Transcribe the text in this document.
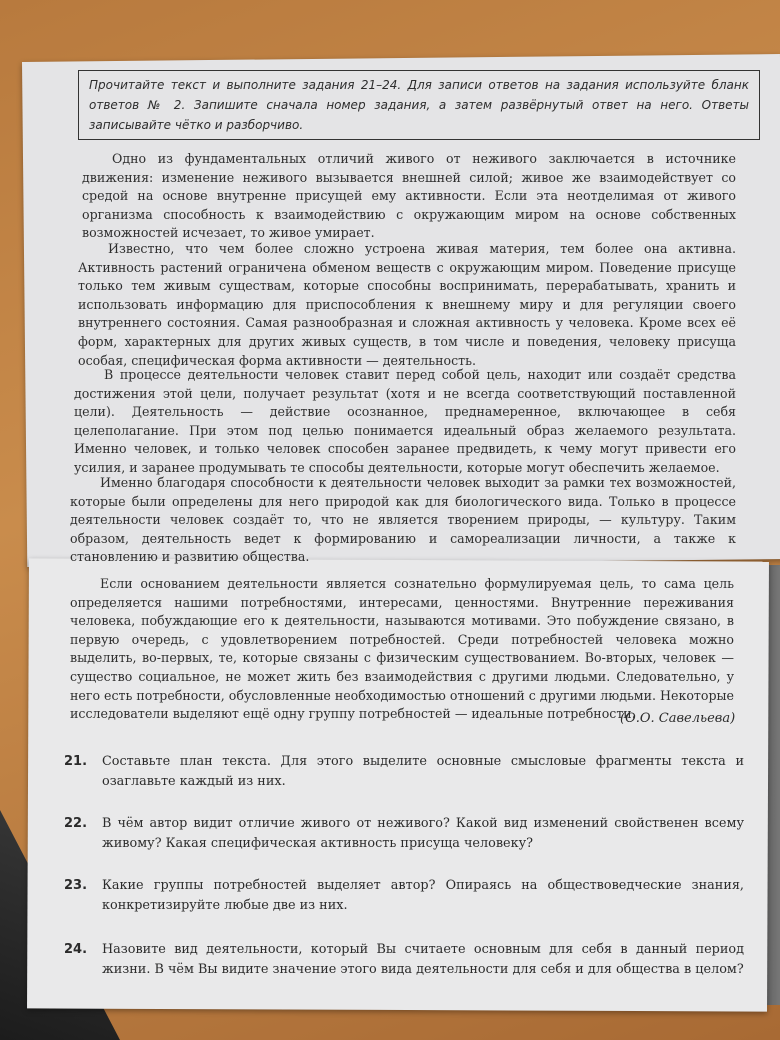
Прочитайте текст и выполните задания 21–24. Для записи ответов на задания используйте бланк ответов № 2. Запишите сначала номер задания, а затем развёрнутый ответ на него. Ответы записывайте чётко и разборчиво.
Одно из фундаментальных отличий живого от неживого заключается в источнике движения: изменение неживого вызывается внешней силой; живое же взаимодействует со средой на основе внутренне присущей ему активности. Если эта неотделимая от живого организма способность к взаимодействию с окружающим миром на основе собственных возможностей исчезает, то живое умирает.
Известно, что чем более сложно устроена живая материя, тем более она активна. Активность растений ограничена обменом веществ с окружающим миром. Поведение присуще только тем живым существам, которые способны воспринимать, перерабатывать, хранить и использовать информацию для приспособления к внешнему миру и для регуляции своего внутреннего состояния. Самая разнообразная и сложная активность у человека. Кроме всех её форм, характерных для других живых существ, в том числе и поведения, человеку присуща особая, специфическая форма активности — деятельность.
В процессе деятельности человек ставит перед собой цель, находит или создаёт средства достижения этой цели, получает результат (хотя и не всегда соответствующий поставленной цели). Деятельность — действие осознанное, преднамеренное, включающее в себя целеполагание. При этом под целью понимается идеальный образ желаемого результата. Именно человек, и только человек способен заранее предвидеть, к чему могут привести его усилия, и заранее продумывать те способы деятельности, которые могут обеспечить желаемое.
Именно благодаря способности к деятельности человек выходит за рамки тех возможностей, которые были определены для него природой как для биологического вида. Только в процессе деятельности человек создаёт то, что не является творением природы, — культуру. Таким образом, деятельность ведет к формированию и самореализации личности, а также к становлению и развитию общества.
Если основанием деятельности является сознательно формулируемая цель, то сама цель определяется нашими потребностями, интересами, ценностями. Внутренние переживания человека, побуждающие его к деятельности, называются мотивами. Это побуждение связано, в первую очередь, с удовлетворением потребностей. Среди потребностей человека можно выделить, во-первых, те, которые связаны с физическим существованием. Во-вторых, человек — существо социальное, не может жить без взаимодействия с другими людьми. Следовательно, у него есть потребности, обусловленные необходимостью отношений с другими людьми. Некоторые исследователи выделяют ещё одну группу потребностей — идеальные потребности.
(О.О. Савельева)
21. Составьте план текста. Для этого выделите основные смысловые фрагменты текста и озаглавьте каждый из них.
22. В чём автор видит отличие живого от неживого? Какой вид изменений свойственен всему живому? Какая специфическая активность присуща человеку?
23. Какие группы потребностей выделяет автор? Опираясь на обществоведческие знания, конкретизируйте любые две из них.
24. Назовите вид деятельности, который Вы считаете основным для себя в данный период жизни. В чём Вы видите значение этого вида деятельности для себя и для общества в целом?
